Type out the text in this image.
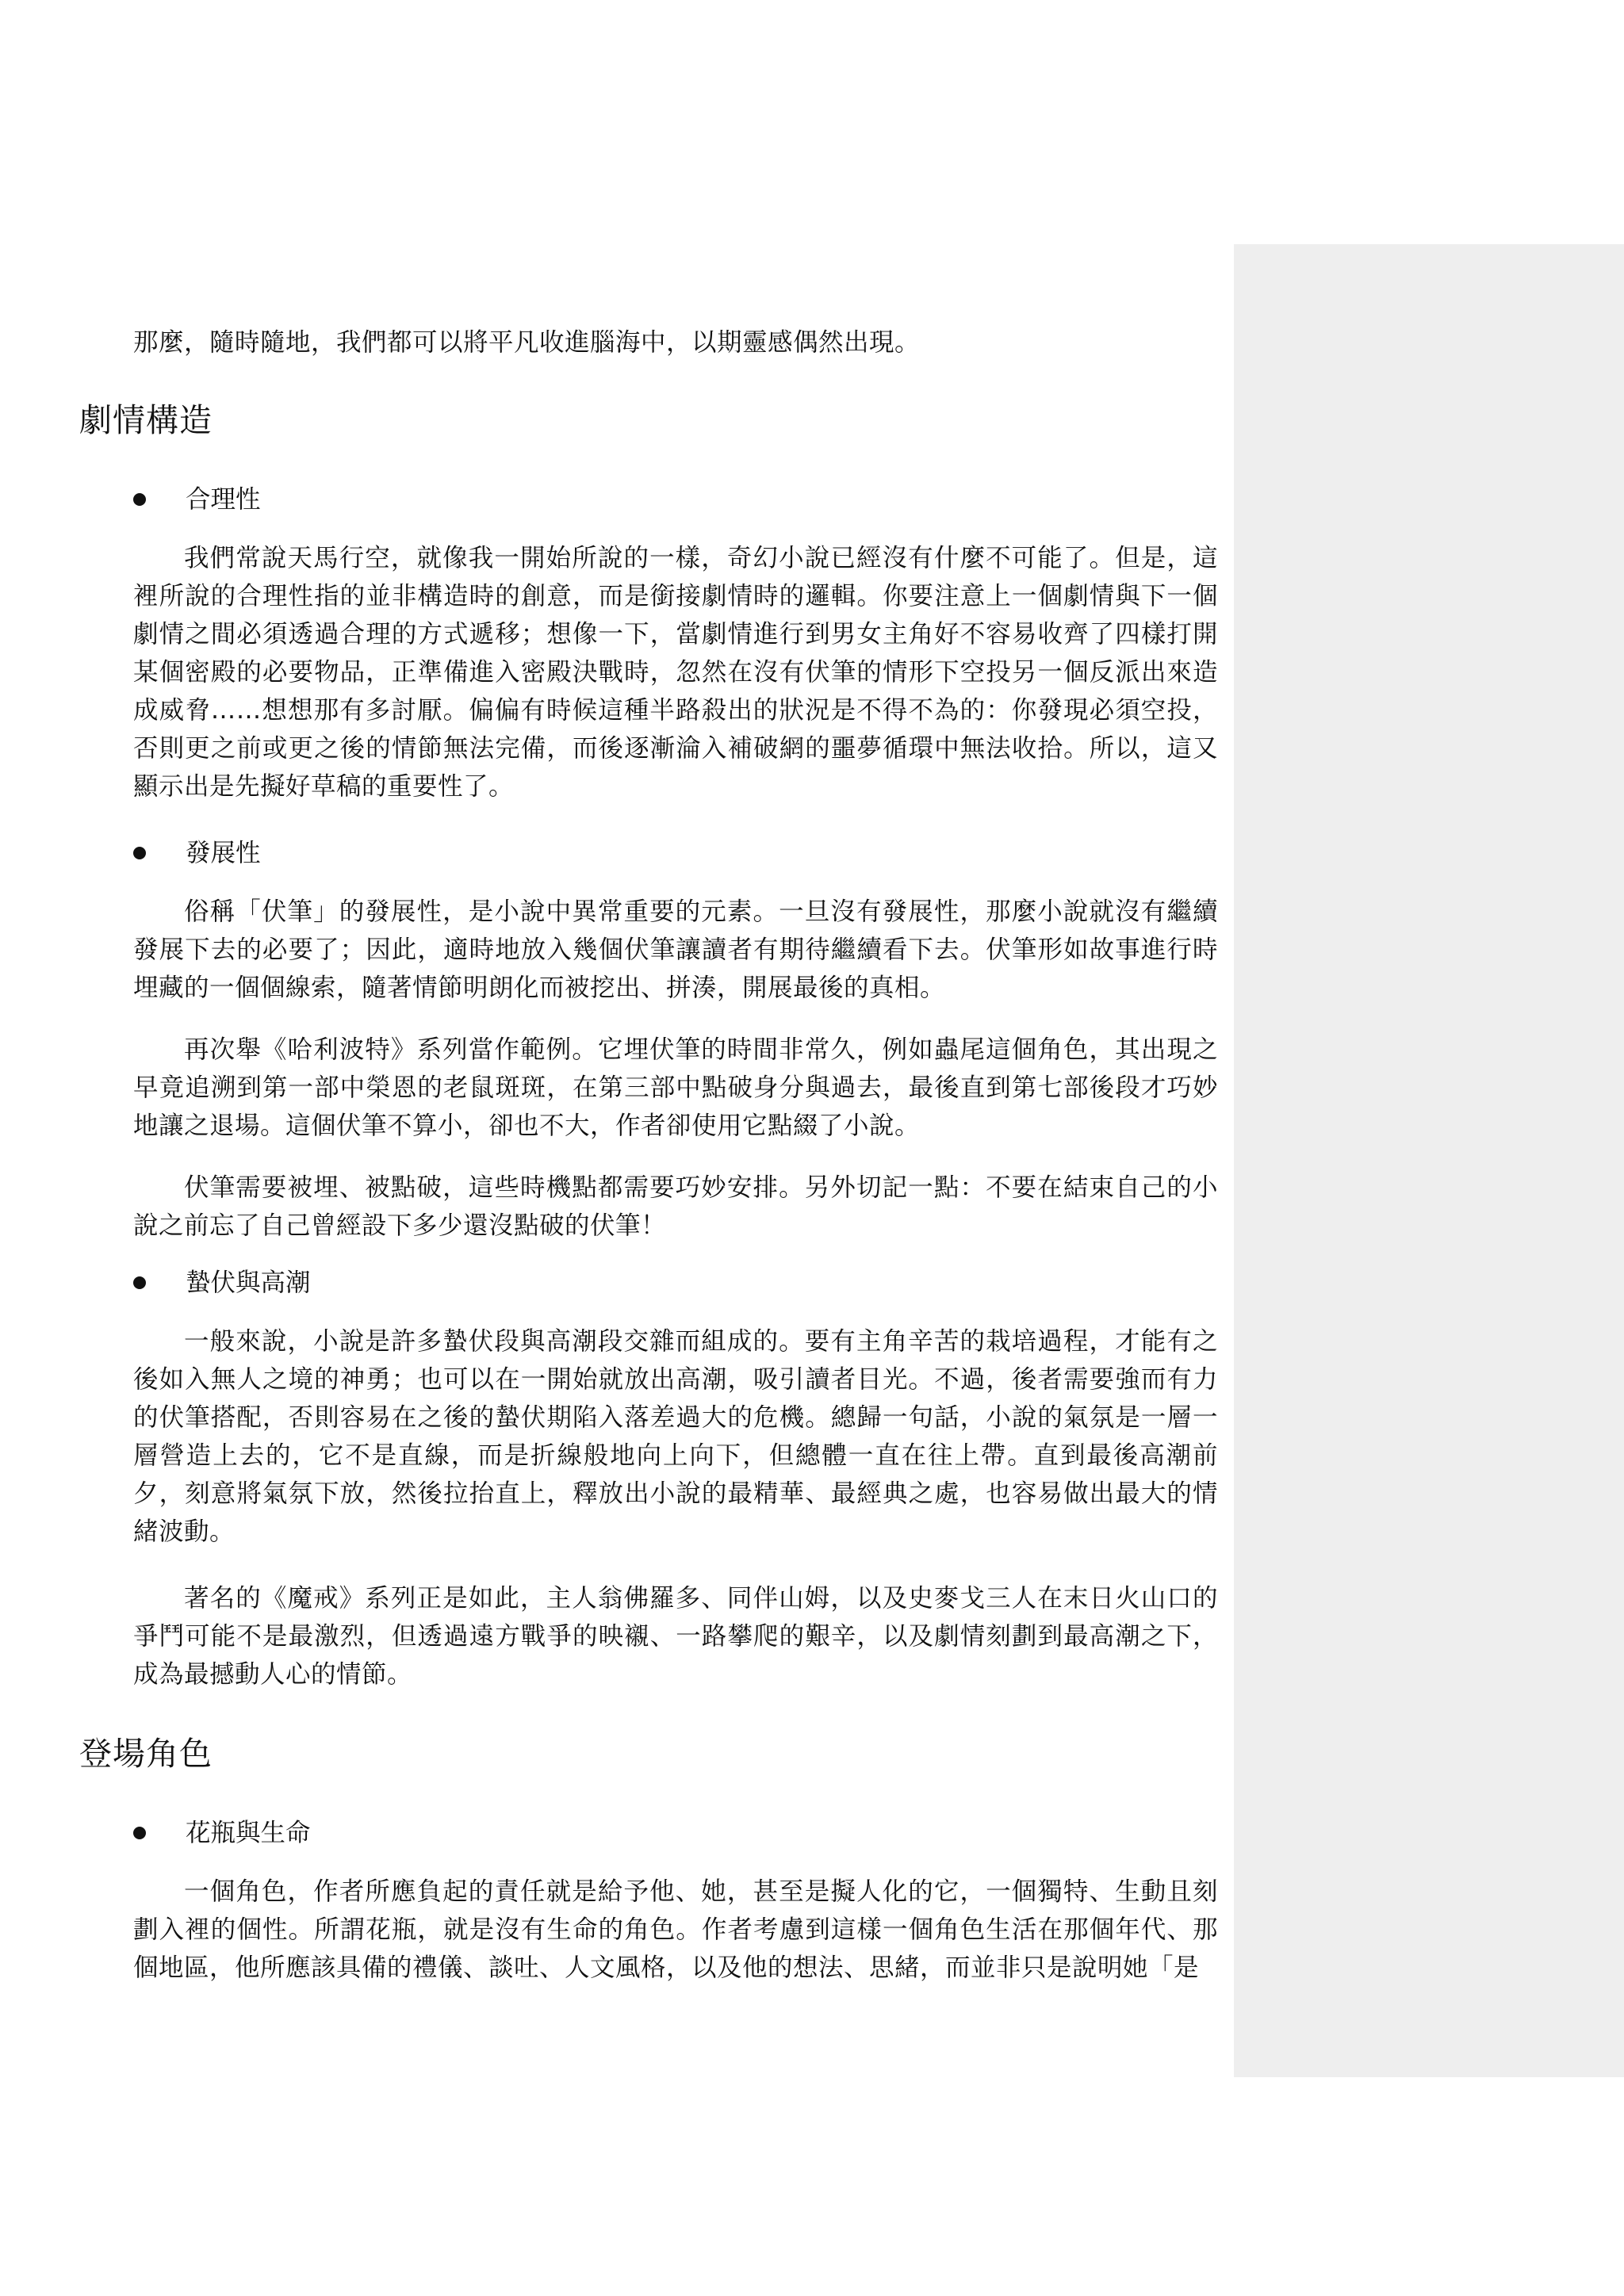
那麼，隨時隨地，我們都可以將平凡收進腦海中，以期靈感偶然出現。

劇情構造
合理性

我們常說天馬行空，就像我一開始所說的一樣，奇幻小說已經沒有什麼不可能了。但是，這裡所說的合理性指的並非構造時的創意，而是銜接劇情時的邏輯。你要注意上一個劇情與下一個劇情之間必須透過合理的方式遞移；想像一下，當劇情進行到男女主角好不容易收齊了四樣打開某個密殿的必要物品，正準備進入密殿決戰時，忽然在沒有伏筆的情形下空投另一個反派出來造成威脅……想想那有多討厭。偏偏有時候這種半路殺出的狀況是不得不為的：你發現必須空投，否則更之前或更之後的情節無法完備，而後逐漸淪入補破網的噩夢循環中無法收拾。所以，這又顯示出是先擬好草稿的重要性了。

發展性

俗稱「伏筆」的發展性，是小說中異常重要的元素。一旦沒有發展性，那麼小說就沒有繼續發展下去的必要了；因此，適時地放入幾個伏筆讓讀者有期待繼續看下去。伏筆形如故事進行時埋藏的一個個線索，隨著情節明朗化而被挖出、拼湊，開展最後的真相。

再次舉《哈利波特》系列當作範例。它埋伏筆的時間非常久，例如蟲尾這個角色，其出現之早竟追溯到第一部中榮恩的老鼠斑斑，在第三部中點破身分與過去，最後直到第七部後段才巧妙地讓之退場。這個伏筆不算小，卻也不大，作者卻使用它點綴了小說。

伏筆需要被埋、被點破，這些時機點都需要巧妙安排。另外切記一點：不要在結束自己的小說之前忘了自己曾經設下多少還沒點破的伏筆！

蟄伏與高潮

一般來說，小說是許多蟄伏段與高潮段交雜而組成的。要有主角辛苦的栽培過程，才能有之後如入無人之境的神勇；也可以在一開始就放出高潮，吸引讀者目光。不過，後者需要強而有力的伏筆搭配，否則容易在之後的蟄伏期陷入落差過大的危機。總歸一句話，小說的氣氛是一層一層營造上去的，它不是直線，而是折線般地向上向下，但總體一直在往上帶。直到最後高潮前夕，刻意將氣氛下放，然後拉抬直上，釋放出小說的最精華、最經典之處，也容易做出最大的情緒波動。

著名的《魔戒》系列正是如此，主人翁佛羅多、同伴山姆，以及史麥戈三人在末日火山口的爭鬥可能不是最激烈，但透過遠方戰爭的映襯、一路攀爬的艱辛，以及劇情刻劃到最高潮之下，成為最撼動人心的情節。

登場角色
花瓶與生命

一個角色，作者所應負起的責任就是給予他、她，甚至是擬人化的它，一個獨特、生動且刻劃入裡的個性。所謂花瓶，就是沒有生命的角色。作者考慮到這樣一個角色生活在那個年代、那個地區，他所應該具備的禮儀、談吐、人文風格，以及他的想法、思緒，而並非只是說明她「是
